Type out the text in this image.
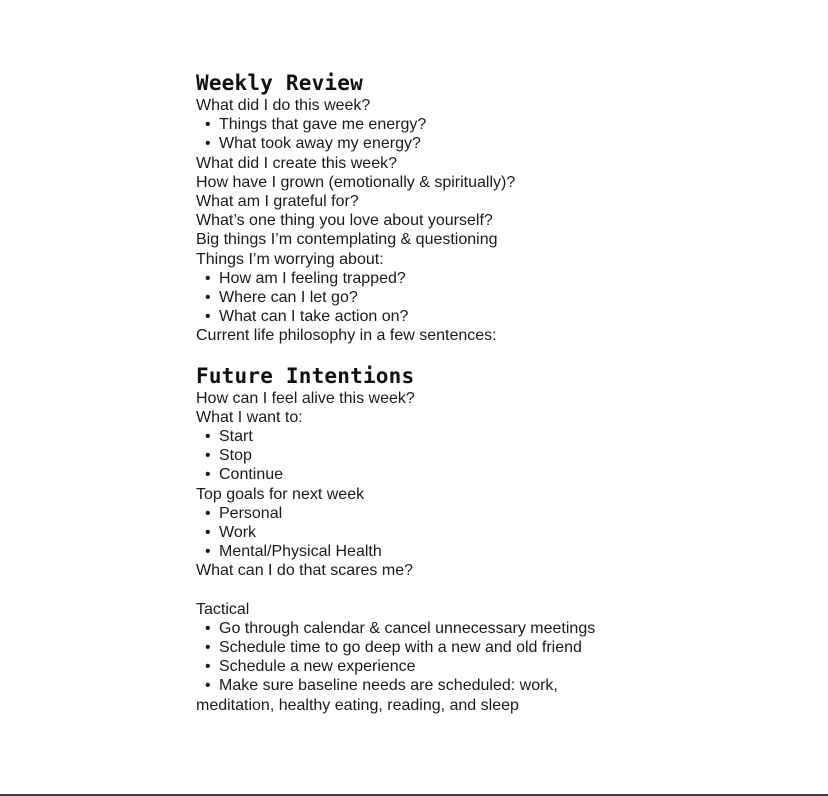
Weekly Review

What did I do this week?

• Things that gave me energy?
• What took away my energy?

What did I create this week?

How have I grown (emotionally & spiritually)?

What am I grateful for?

What’s one thing you love about yourself?

Big things I’m contemplating & questioning

Things I’m worrying about:

• How am I feeling trapped?
• Where can I let go?
• What can I take action on?

Current life philosophy in a few sentences:

Future Intentions

How can I feel alive this week?

What I want to:

• Start
• Stop
• Continue

Top goals for next week

• Personal
• Work
• Mental/Physical Health

What can I do that scares me?

Tactical

• Go through calendar & cancel unnecessary meetings
• Schedule time to go deep with a new and old friend
• Schedule a new experience
• Make sure baseline needs are scheduled: work,

meditation, healthy eating, reading, and sleep
